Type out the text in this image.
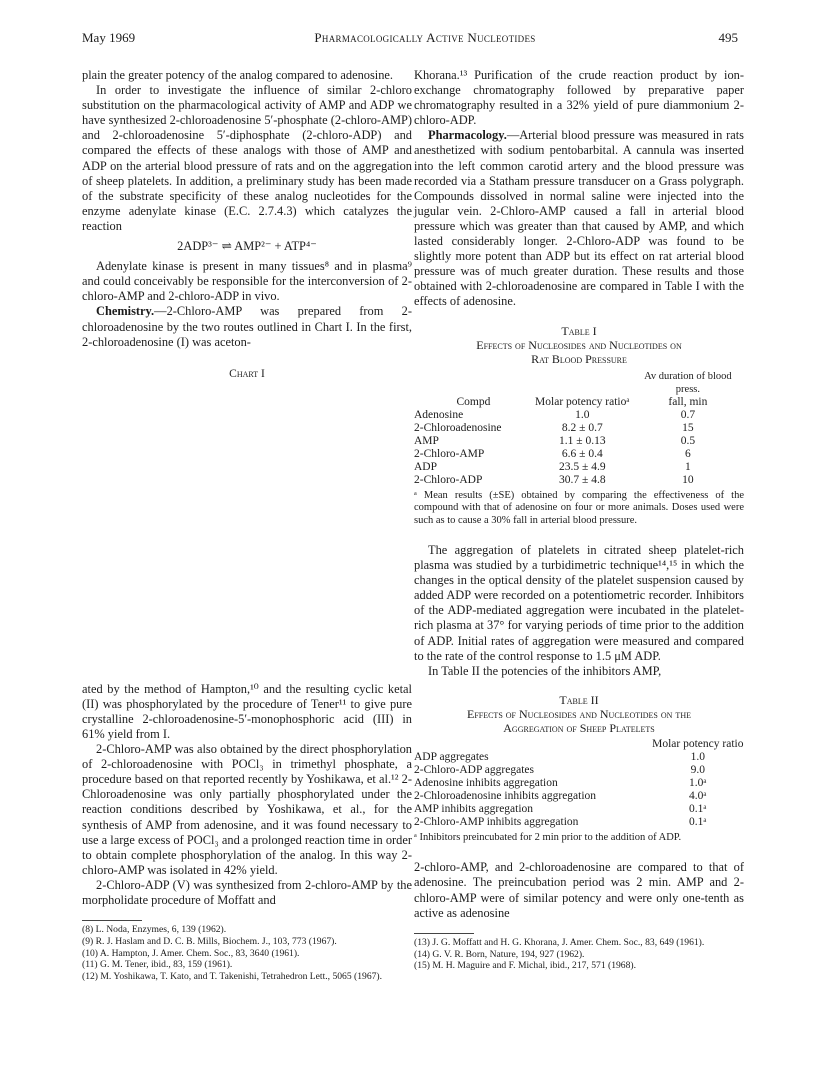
May 1969	Pharmacologically Active Nucleotides	495

plain the greater potency of the analog compared to adenosine.

In order to investigate the influence of similar 2-chloro substitution on the pharmacological activity of AMP and ADP we have synthesized 2-chloroadenosine 5′-phosphate (2-chloro-AMP) and 2-chloroadenosine 5′-diphosphate (2-chloro-ADP) and compared the effects of these analogs with those of AMP and ADP on the arterial blood pressure of rats and on the aggregation of sheep platelets. In addition, a preliminary study has been made of the substrate specificity of these analog nucleotides for the enzyme adenylate kinase (E.C. 2.7.4.3) which catalyzes the reaction

2ADP³⁻ ⇌ AMP²⁻ + ATP⁴⁻

Adenylate kinase is present in many tissues⁸ and in plasma⁹ and could conceivably be responsible for the interconversion of 2-chloro-AMP and 2-chloro-ADP in vivo.

Chemistry.—2-Chloro-AMP was prepared from 2-chloroadenosine by the two routes outlined in Chart I. In the first, 2-chloroadenosine (I) was aceton-

Chart I

ated by the method of Hampton,¹⁰ and the resulting cyclic ketal (II) was phosphorylated by the procedure of Tener¹¹ to give pure crystalline 2-chloroadenosine-5′-monophosphoric acid (III) in 61% yield from I.

2-Chloro-AMP was also obtained by the direct phosphorylation of 2-chloroadenosine with POCl₃ in trimethyl phosphate, a procedure based on that reported recently by Yoshikawa, et al.¹² 2-Chloroadenosine was only partially phosphorylated under the reaction conditions described by Yoshikawa, et al., for the synthesis of AMP from adenosine, and it was found necessary to use a large excess of POCl₃ and a prolonged reaction time in order to obtain complete phosphorylation of the analog. In this way 2-chloro-AMP was isolated in 42% yield.

2-Chloro-ADP (V) was synthesized from 2-chloro-AMP by the morpholidate procedure of Moffatt and

(8) L. Noda, Enzymes, 6, 139 (1962).
(9) R. J. Haslam and D. C. B. Mills, Biochem. J., 103, 773 (1967).
(10) A. Hampton, J. Amer. Chem. Soc., 83, 3640 (1961).
(11) G. M. Tener, ibid., 83, 159 (1961).
(12) M. Yoshikawa, T. Kato, and T. Takenishi, Tetrahedron Lett., 5065 (1967).

Khorana.¹³ Purification of the crude reaction product by ion-exchange chromatography followed by preparative paper chromatography resulted in a 32% yield of pure diammonium 2-chloro-ADP.

Pharmacology.—Arterial blood pressure was measured in rats anesthetized with sodium pentobarbital. A cannula was inserted into the left common carotid artery and the blood pressure was recorded via a Statham pressure transducer on a Grass polygraph. Compounds dissolved in normal saline were injected into the jugular vein. 2-Chloro-AMP caused a fall in arterial blood pressure which was greater than that caused by AMP, and which lasted considerably longer. 2-Chloro-ADP was found to be slightly more potent than ADP but its effect on rat arterial blood pressure was of much greater duration. These results and those obtained with 2-chloroadenosine are compared in Table I with the effects of adenosine.

Table I

Effects of Nucleosides and Nucleotides on

Rat Blood Pressure

		Av duration of blood press.
Compd	Molar potency ratioᵃ	fall, min
Adenosine	1.0	0.7
2-Chloroadenosine	8.2 ± 0.7	15
AMP	1.1 ± 0.13	0.5
2-Chloro-AMP	6.6 ± 0.4	6
ADP	23.5 ± 4.9	1
2-Chloro-ADP	30.7 ± 4.8	10
ᵃ Mean results (±SE) obtained by comparing the effectiveness of the compound with that of adenosine on four or more animals. Doses used were such as to cause a 30% fall in arterial blood pressure.

The aggregation of platelets in citrated sheep platelet-rich plasma was studied by a turbidimetric technique¹⁴,¹⁵ in which the changes in the optical density of the platelet suspension caused by added ADP were recorded on a potentiometric recorder. Inhibitors of the ADP-mediated aggregation were incubated in the platelet-rich plasma at 37° for varying periods of time prior to the addition of ADP. Initial rates of aggregation were measured and compared to the rate of the control response to 1.5 μM ADP.

In Table II the potencies of the inhibitors AMP,

Table II

Effects of Nucleosides and Nucleotides on the

Aggregation of Sheep Platelets

	Molar potency ratio
ADP aggregates	1.0
2-Chloro-ADP aggregates	9.0
Adenosine inhibits aggregation	1.0ᵃ
2-Chloroadenosine inhibits aggregation	4.0ᵃ
AMP inhibits aggregation	0.1ᵃ
2-Chloro-AMP inhibits aggregation	0.1ᵃ
ᵃ Inhibitors preincubated for 2 min prior to the addition of ADP.

2-chloro-AMP, and 2-chloroadenosine are compared to that of adenosine. The preincubation period was 2 min. AMP and 2-chloro-AMP were of similar potency and were only one-tenth as active as adenosine

(13) J. G. Moffatt and H. G. Khorana, J. Amer. Chem. Soc., 83, 649 (1961).
(14) G. V. R. Born, Nature, 194, 927 (1962).
(15) M. H. Maguire and F. Michal, ibid., 217, 571 (1968).
